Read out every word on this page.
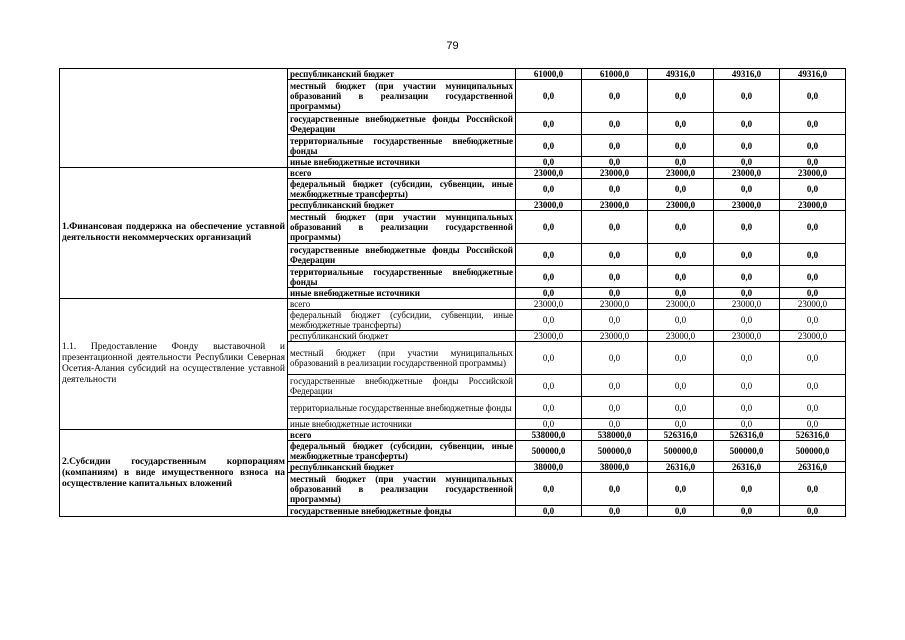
79
	республиканский бюджет	61000,0	61000,0	49316,0	49316,0	49316,0
	местный бюджет (при участии муниципальных образований в реализации государственной программы)	0,0	0,0	0,0	0,0	0,0
	государственные внебюджетные фонды Российской Федерации	0,0	0,0	0,0	0,0	0,0
	территориальные государственные внебюджетные фонды	0,0	0,0	0,0	0,0	0,0
	иные внебюджетные источники	0,0	0,0	0,0	0,0	0,0
1.Финансовая поддержка на обеспечение уставной деятельности некоммерческих организаций	всего	23000,0	23000,0	23000,0	23000,0	23000,0
	федеральный бюджет (субсидии, субвенции, иные межбюджетные трансферты)	0,0	0,0	0,0	0,0	0,0
	республиканский бюджет	23000,0	23000,0	23000,0	23000,0	23000,0
	местный бюджет (при участии муниципальных образований в реализации государственной программы)	0,0	0,0	0,0	0,0	0,0
	государственные внебюджетные фонды Российской Федерации	0,0	0,0	0,0	0,0	0,0
	территориальные государственные внебюджетные фонды	0,0	0,0	0,0	0,0	0,0
	иные внебюджетные источники	0,0	0,0	0,0	0,0	0,0
1.1. Предоставление Фонду выставочной и презентационной деятельности Республики Северная Осетия-Алания субсидий на осуществление уставной деятельности	всего	23000,0	23000,0	23000,0	23000,0	23000,0
	федеральный бюджет (субсидии, субвенции, иные межбюджетные трансферты)	0,0	0,0	0,0	0,0	0,0
	республиканский бюджет	23000,0	23000,0	23000,0	23000,0	23000,0
	местный бюджет (при участии муниципальных образований в реализации государственной программы)	0,0	0,0	0,0	0,0	0,0
	государственные внебюджетные фонды Российской Федерации	0,0	0,0	0,0	0,0	0,0
	территориальные государственные внебюджетные фонды	0,0	0,0	0,0	0,0	0,0
	иные внебюджетные источники	0,0	0,0	0,0	0,0	0,0
2.Субсидии государственным корпорациям (компаниям) в виде имущественного взноса на осуществление капитальных вложений	всего	538000,0	538000,0	526316,0	526316,0	526316,0
	федеральный бюджет (субсидии, субвенции, иные межбюджетные трансферты)	500000,0	500000,0	500000,0	500000,0	500000,0
	республиканский бюджет	38000,0	38000,0	26316,0	26316,0	26316,0
	местный бюджет (при участии муниципальных образований в реализации государственной программы)	0,0	0,0	0,0	0,0	0,0
	государственные внебюджетные фонды	0,0	0,0	0,0	0,0	0,0
